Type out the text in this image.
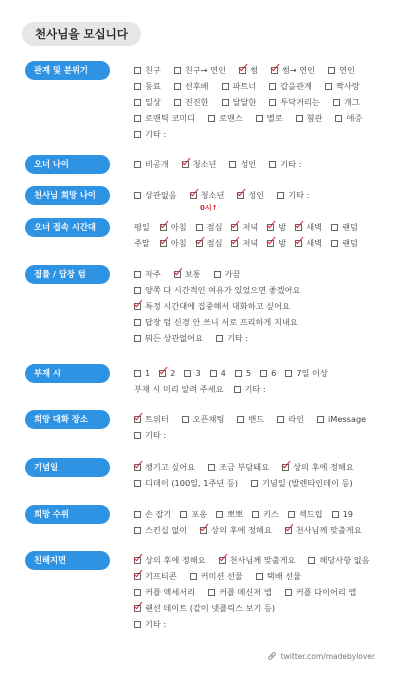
천사님을 모십니다
관계 및 분위기	친구	친구→ 연인	썸	썸→ 연인	연인
동료	선후배	파트너	갑을관계	짝사랑
일상	진진한	달달한	투닥거리는	개그
로맨틱 코미디	로맨스	멜로	혐관	애증
기타 :
오너 나이	비공개	청소년	성인	기타 :
천사님 희망 나이	상관없음	청소년	성인	기타 :
오너 접속 시간대	평일	아침 점심 저녁 밤 새벽 랜덤
주말	아침 점심 저녁 밤 새벽 랜덤
0시↑
접률 / 답장 텀	자주	보통	가끔
양쪽 다 시간적인 여유가 있었으면 좋겠어요
특정 시간대에 집중해서 대화하고 싶어요
답장 텀 신경 안 쓰니 서로 프리하게 지내요
뭐든 상관없어요	기타 :
부재 시	1 2 3 4 5 6 7일 이상
부재 시 미리 알려 주세요	기타 :
희망 대화 장소	트위터	오픈채팅	밴드	라인	iMessage
기타 :
기념일	챙기고 싶어요	조금 부담돼요	상의 후에 정해요
디데이 (100일, 1주년 등)	기념일 (발렌타인데이 등)
희망 수위	손 잡기 포옹 뽀뽀 키스 섹드립 19
스킨십 없이	상의 후에 정해요	천사님께 맞출게요
친해지면	상의 후에 정해요	천사님께 맞출게요	해당사항 없음
기프티콘	커미션 선물	택배 선물
커플 액세서리	커플 메신저 앱	커플 다이어리 앱
랜선 데이트 (같이 넷플릭스 보기 등)
기타 :
twitter.com/madebylover
